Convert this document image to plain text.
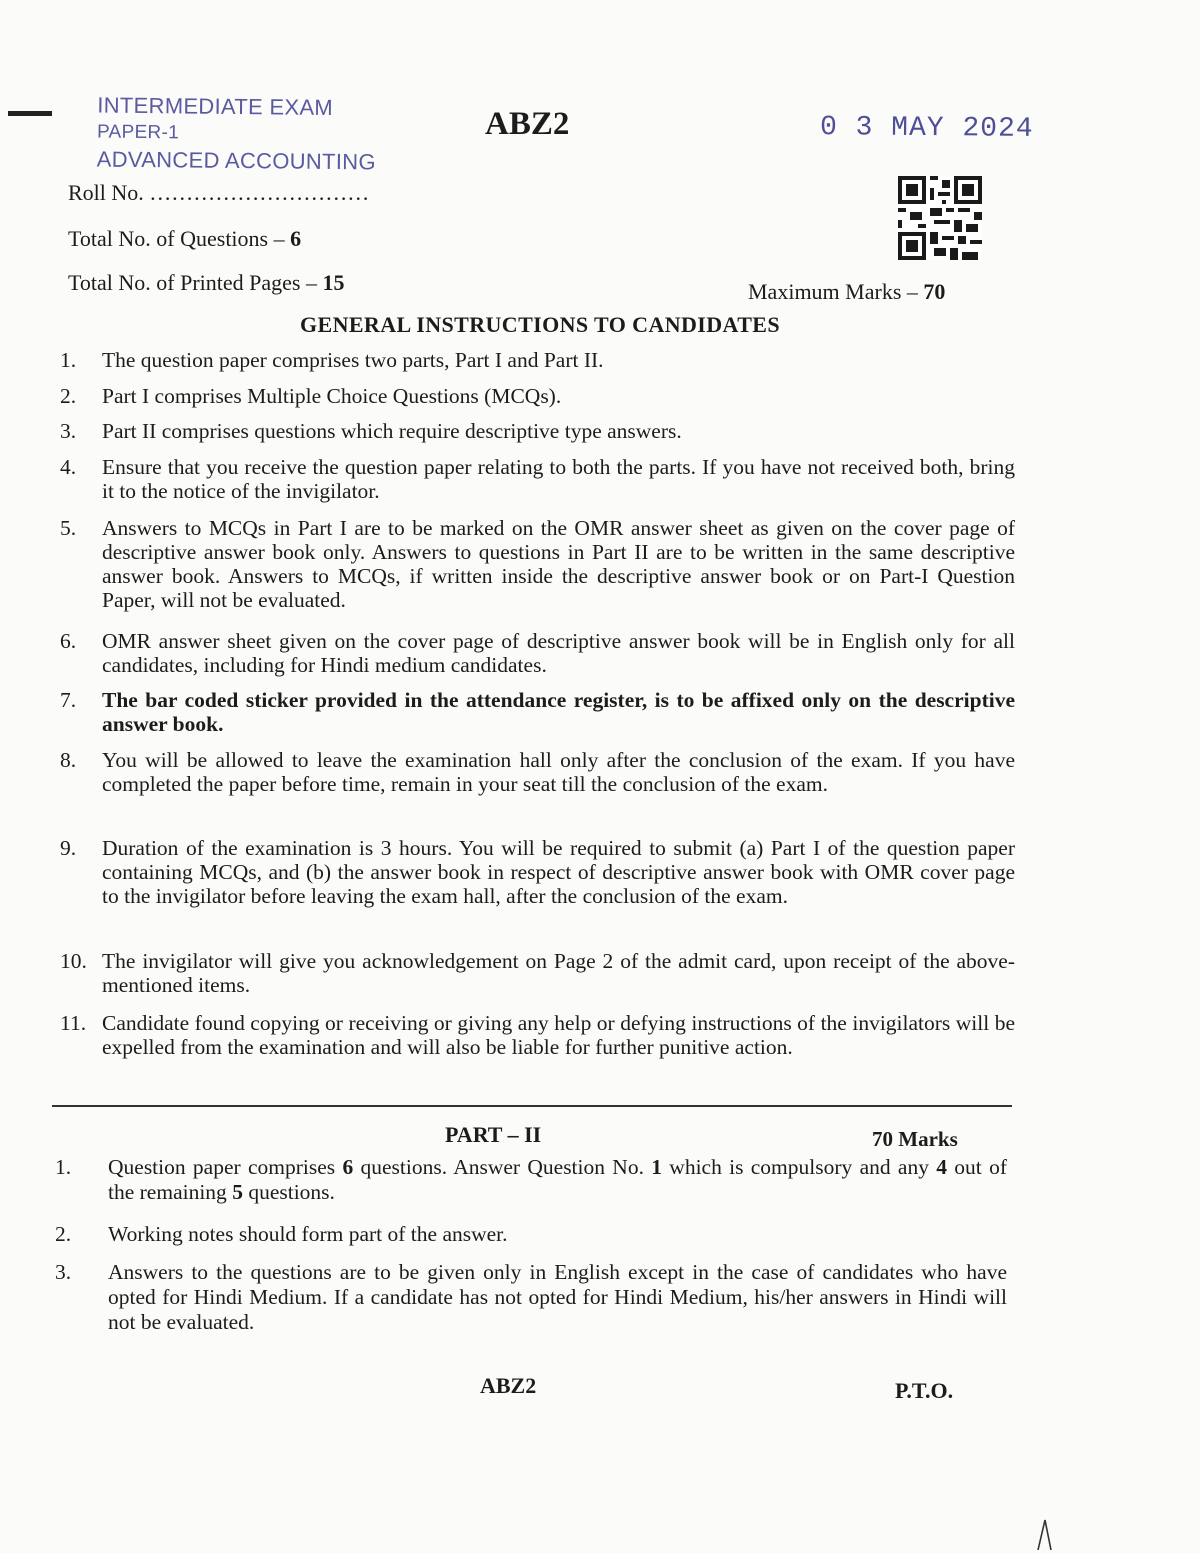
INTERMEDIATE EXAM
PAPER-1
ADVANCED ACCOUNTING
ABZ2	0 3 MAY 2024
Roll No. …………………………
Total No. of Questions – 6
Total No. of Printed Pages – 15	Maximum Marks – 70
GENERAL INSTRUCTIONS TO CANDIDATES
1.	The question paper comprises two parts, Part I and Part II.
2.	Part I comprises Multiple Choice Questions (MCQs).
3.	Part II comprises questions which require descriptive type answers.
4.	Ensure that you receive the question paper relating to both the parts. If you have not received both, bring it to the notice of the invigilator.
5.	Answers to MCQs in Part I are to be marked on the OMR answer sheet as given on the cover page of descriptive answer book only. Answers to questions in Part II are to be written in the same descriptive answer book. Answers to MCQs, if written inside the descriptive answer book or on Part-I Question Paper, will not be evaluated.
6.	OMR answer sheet given on the cover page of descriptive answer book will be in English only for all candidates, including for Hindi medium candidates.
7.	The bar coded sticker provided in the attendance register, is to be affixed only on the descriptive answer book.
8.	You will be allowed to leave the examination hall only after the conclusion of the exam. If you have completed the paper before time, remain in your seat till the conclusion of the exam.
9.	Duration of the examination is 3 hours. You will be required to submit (a) Part I of the question paper containing MCQs, and (b) the answer book in respect of descriptive answer book with OMR cover page to the invigilator before leaving the exam hall, after the conclusion of the exam.
10. The invigilator will give you acknowledgement on Page 2 of the admit card, upon receipt of the above-mentioned items.
11. Candidate found copying or receiving or giving any help or defying instructions of the invigilators will be expelled from the examination and will also be liable for further punitive action.
PART – II	70 Marks
1. Question paper comprises 6 questions. Answer Question No. 1 which is compulsory and any 4 out of the remaining 5 questions.
2. Working notes should form part of the answer.
3. Answers to the questions are to be given only in English except in the case of candidates who have opted for Hindi Medium. If a candidate has not opted for Hindi Medium, his/her answers in Hindi will not be evaluated.
ABZ2	P.T.O.
